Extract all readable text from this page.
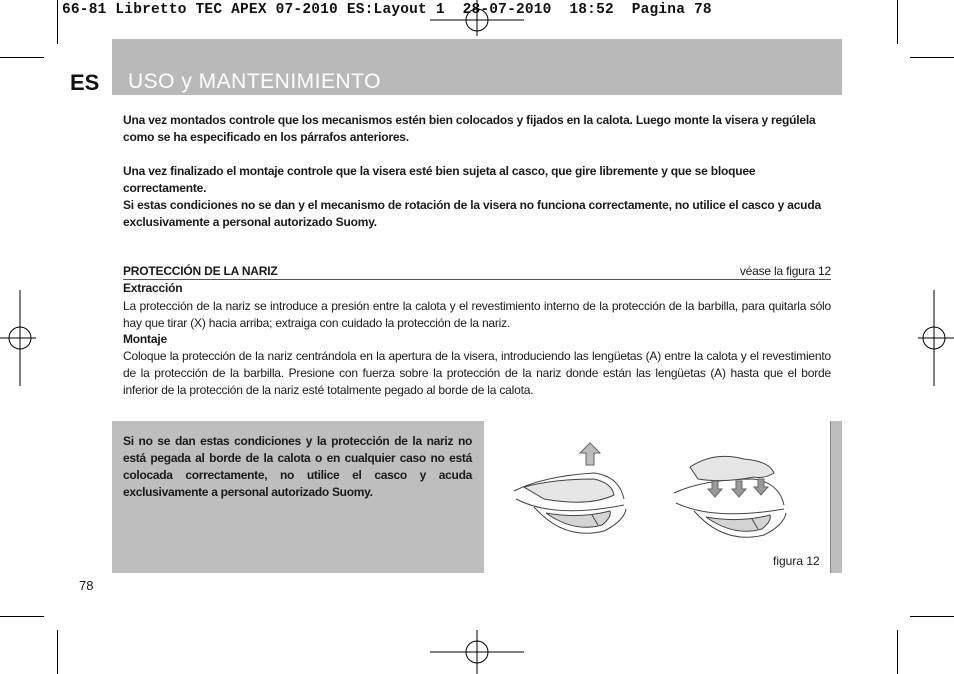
66-81 Libretto TEC APEX 07-2010 ES:Layout 1  28-07-2010  18:52  Pagina 78
ES USO y MANTENIMIENTO
Una vez montados controle que los mecanismos estén bien colocados y fijados en la calota. Luego monte la visera y regúlela como se ha especificado en los párrafos anteriores.
Una vez finalizado el montaje controle que la visera esté bien sujeta al casco, que gire libremente y que se bloquee correctamente.
Si estas condiciones no se dan y el mecanismo de rotación de la visera no funciona correctamente, no utilice el casco y acuda exclusivamente a personal autorizado Suomy.
PROTECCIÓN DE LA NARIZ	véase la figura 12
Extracción
La protección de la nariz se introduce a presión entre la calota y el revestimiento interno de la protección de la barbilla, para quitarla sólo hay que tirar (X) hacia arriba; extraiga con cuidado la protección de la nariz.
Montaje
Coloque la protección de la nariz centrándola en la apertura de la visera, introduciendo las lengüetas (A) entre la calota y el revestimiento de la protección de la barbilla. Presione con fuerza sobre la protección de la nariz donde están las lengüetas (A) hasta que el borde inferior de la protección de la nariz esté totalmente pegado al borde de la calota.
Si no se dan estas condiciones y la protección de la nariz no está pegada al borde de la calota o en cualquier caso no está colocada correctamente, no utilice el casco y acuda exclusivamente a personal autorizado Suomy.
figura 12
78
